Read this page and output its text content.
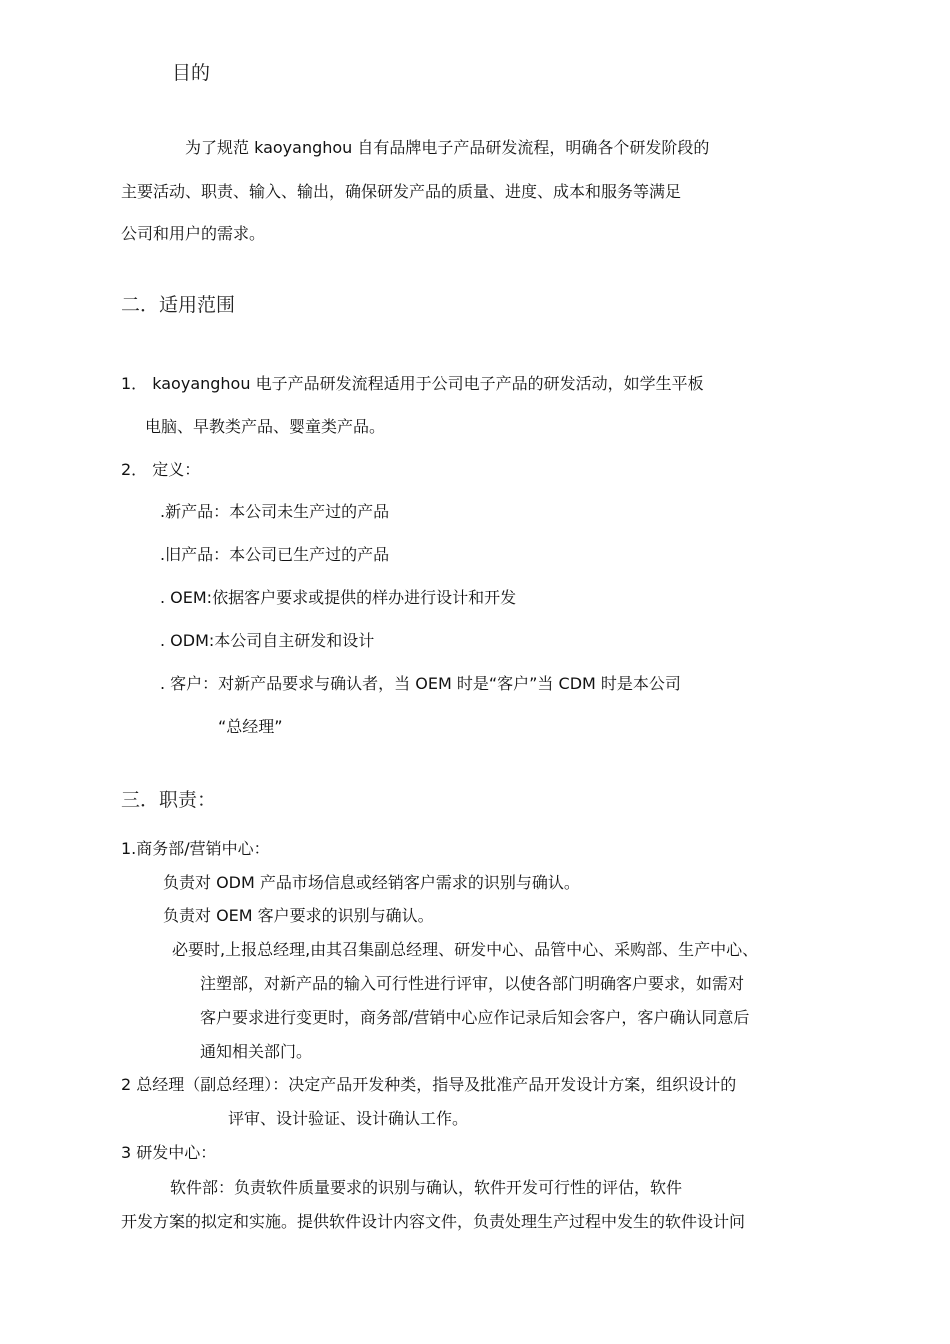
目的
为了规范 kaoyanghou 自有品牌电子产品研发流程，明确各个研发阶段的
主要活动、职责、输入、输出，确保研发产品的质量、进度、成本和服务等满足
公司和用户的需求。
二．适用范围
1． kaoyanghou 电子产品研发流程适用于公司电子产品的研发活动，如学生平板
电脑、早教类产品、婴童类产品。
2． 定义：
.新产品：本公司未生产过的产品
.旧产品：本公司已生产过的产品
. OEM:依据客户要求或提供的样办进行设计和开发
. ODM:本公司自主研发和设计
. 客户：对新产品要求与确认者，当 OEM 时是“客户”当 CDM 时是本公司
“总经理”
三．职责：
1.商务部/营销中心：
负责对 ODM 产品市场信息或经销客户需求的识别与确认。
负责对 OEM 客户要求的识别与确认。
必要时,上报总经理,由其召集副总经理、研发中心、品管中心、采购部、生产中心、
注塑部，对新产品的输入可行性进行评审，以使各部门明确客户要求，如需对
客户要求进行变更时，商务部/营销中心应作记录后知会客户，客户确认同意后
通知相关部门。
2 总经理（副总经理）：决定产品开发种类，指导及批准产品开发设计方案，组织设计的
评审、设计验证、设计确认工作。
3 研发中心：
软件部：负责软件质量要求的识别与确认，软件开发可行性的评估，软件
开发方案的拟定和实施。提供软件设计内容文件，负责处理生产过程中发生的软件设计问
